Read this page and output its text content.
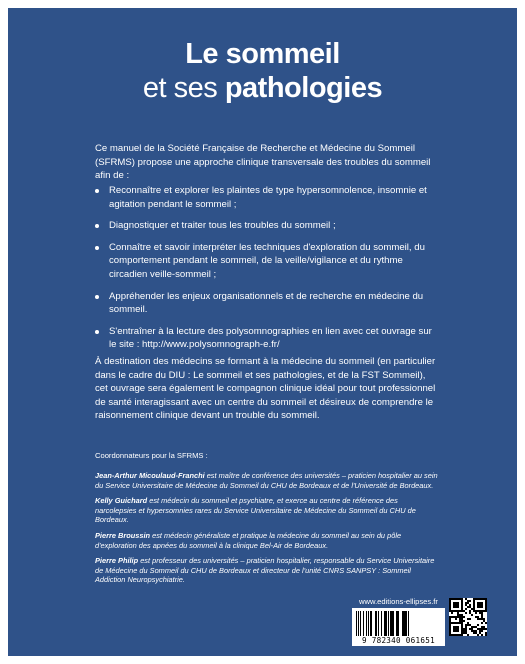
Le sommeil
et ses pathologies
Ce manuel de la Société Française de Recherche et Médecine du Sommeil (SFRMS) propose une approche clinique transversale des troubles du sommeil afin de :
Reconnaître et explorer les plaintes de type hypersomnolence, insomnie et agitation pendant le sommeil ;
Diagnostiquer et traiter tous les troubles du sommeil ;
Connaître et savoir interpréter les techniques d'exploration du sommeil, du comportement pendant le sommeil, de la veille/vigilance et du rythme circadien veille-sommeil ;
Appréhender les enjeux organisationnels et de recherche en médecine du sommeil.
S'entraîner à la lecture des polysomnographies en lien avec cet ouvrage sur le site : http://www.polysomnograph-e.fr/
À destination des médecins se formant à la médecine du sommeil (en particulier dans le cadre du DIU : Le sommeil et ses pathologies, et de la FST Sommeil), cet ouvrage sera également le compagnon clinique idéal pour tout professionnel de santé interagissant avec un centre du sommeil et désireux de comprendre le raisonnement clinique devant un trouble du sommeil.
Coordonnateurs pour la SFRMS :
Jean-Arthur Micoulaud-Franchi est maître de conférence des universités – praticien hospitalier au sein du Service Universitaire de Médecine du Sommeil du CHU de Bordeaux et de l'Université de Bordeaux.
Kelly Guichard est médecin du sommeil et psychiatre, et exerce au centre de référence des narcolepsies et hypersomnies rares du Service Universitaire de Médecine du Sommeil du CHU de Bordeaux.
Pierre Broussin est médecin généraliste et pratique la médecine du sommeil au sein du pôle d'exploration des apnées du sommeil à la clinique Bel-Air de Bordeaux.
Pierre Philip est professeur des universités – praticien hospitalier, responsable du Service Universitaire de Médecine du Sommeil du CHU de Bordeaux et directeur de l'unité CNRS SANPSY : Sommeil Addiction Neuropsychiatrie.
www.editions-ellipses.fr
9 782340 061651
